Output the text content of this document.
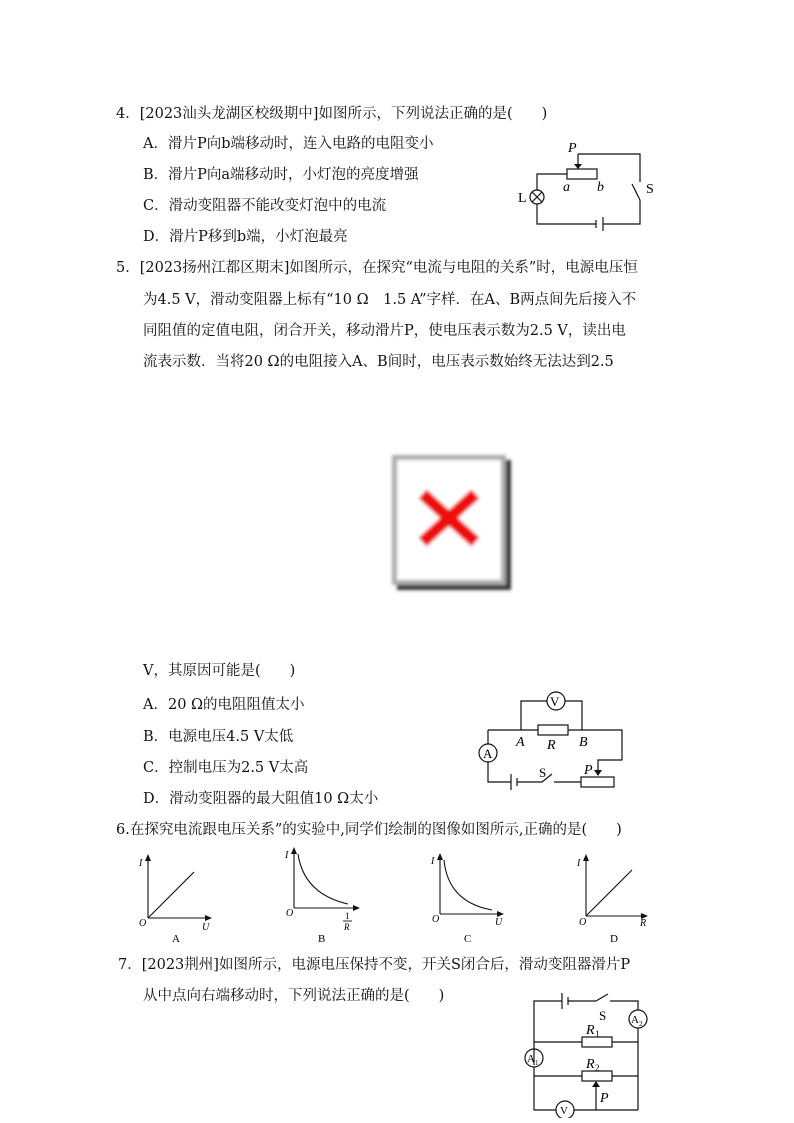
4．[2023汕头龙湖区校级期中]如图所示，下列说法正确的是(　　)
A．滑片P向b端移动时，连入电路的电阻变小
B．滑片P向a端移动时，小灯泡的亮度增强
C．滑动变阻器不能改变灯泡中的电流
D．滑片P移到b端，小灯泡最亮
P
a b
L
S
5．[2023扬州江都区期末]如图所示，在探究“电流与电阻的关系”时，电源电压恒
为4.5 V，滑动变阻器上标有“10 Ω　1.5 A”字样．在A、B两点间先后接入不
同阻值的定值电阻，闭合开关，移动滑片P，使电压表示数为2.5 V，读出电
流表示数．当将20 Ω的电阻接入A、B间时，电压表示数始终无法达到2.5
V，其原因可能是(　　)
A．20 Ω的电阻阻值太小
B．电源电压4.5 V太低
C．控制电压为2.5 V太高
D．滑动变阻器的最大阻值10 Ω太小
V
A
A R B
S	P
6.在探究电流跟电压关系”的实验中,同学们绘制的图像如图所示,正确的是(　　)
I
O	U
A
I
O	1
R
B
I
O	U
C
I
O	R
D
7．[2023荆州]如图所示，电源电压保持不变，开关S闭合后，滑动变阻器滑片P
从中点向右端移动时，下列说法正确的是(　　)
S
R 1
R 2
A 2
A 1
V
P
